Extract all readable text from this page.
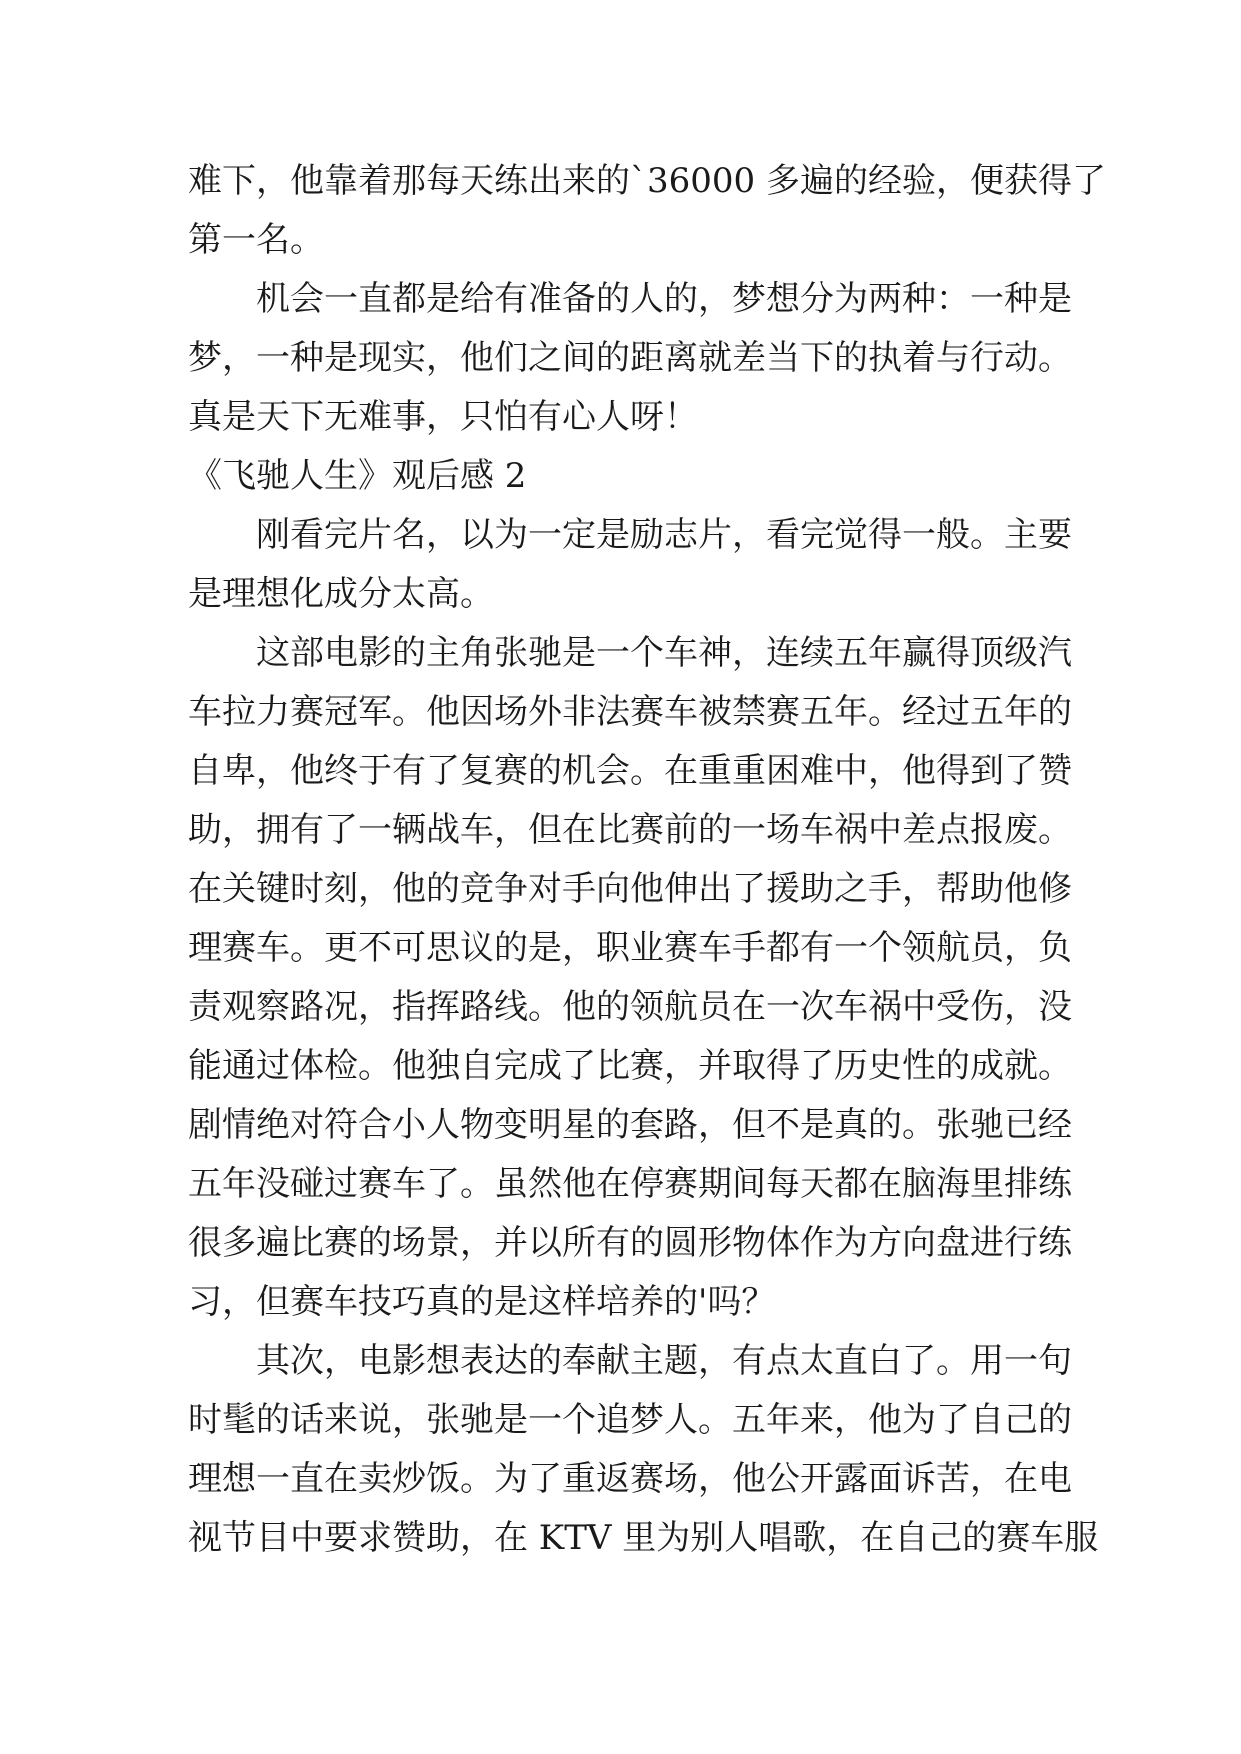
难下，他靠着那每天练出来的`36000 多遍的经验，便获得了
第一名。
机会一直都是给有准备的人的，梦想分为两种：一种是
梦，一种是现实，他们之间的距离就差当下的执着与行动。
真是天下无难事，只怕有心人呀！
《飞驰人生》观后感 2
刚看完片名，以为一定是励志片，看完觉得一般。主要
是理想化成分太高。
这部电影的主角张驰是一个车神，连续五年赢得顶级汽
车拉力赛冠军。他因场外非法赛车被禁赛五年。经过五年的
自卑，他终于有了复赛的机会。在重重困难中，他得到了赞
助，拥有了一辆战车，但在比赛前的一场车祸中差点报废。
在关键时刻，他的竞争对手向他伸出了援助之手，帮助他修
理赛车。更不可思议的是，职业赛车手都有一个领航员，负
责观察路况，指挥路线。他的领航员在一次车祸中受伤，没
能通过体检。他独自完成了比赛，并取得了历史性的成就。
剧情绝对符合小人物变明星的套路，但不是真的。张驰已经
五年没碰过赛车了。虽然他在停赛期间每天都在脑海里排练
很多遍比赛的场景，并以所有的圆形物体作为方向盘进行练
习，但赛车技巧真的是这样培养的'吗？
其次，电影想表达的奉献主题，有点太直白了。用一句
时髦的话来说，张驰是一个追梦人。五年来，他为了自己的
理想一直在卖炒饭。为了重返赛场，他公开露面诉苦，在电
视节目中要求赞助，在 KTV 里为别人唱歌，在自己的赛车服
